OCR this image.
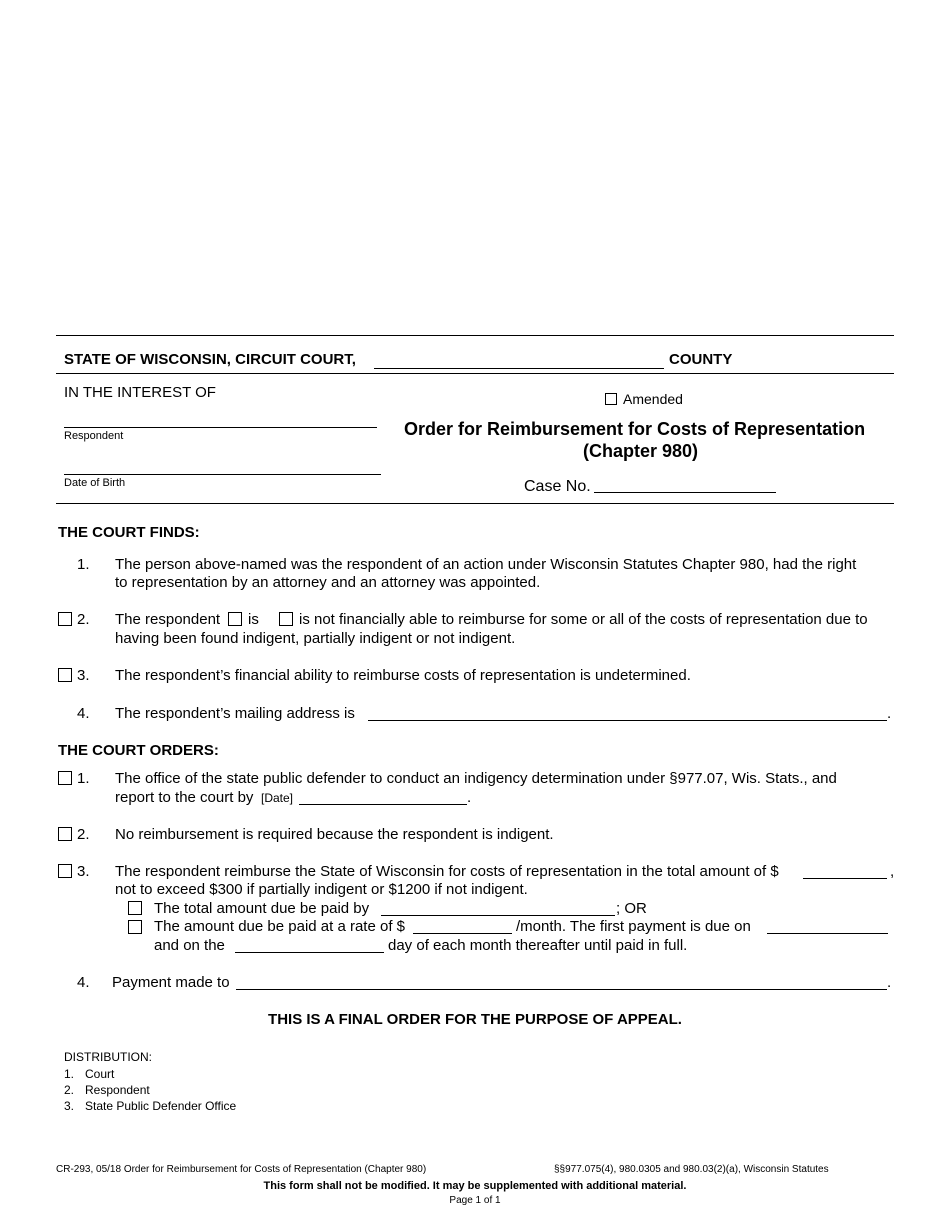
STATE OF WISCONSIN, CIRCUIT COURT,	COUNTY
IN THE INTEREST OF
Respondent
Date of Birth
Amended
Order for Reimbursement for Costs of Representation
(Chapter 980)
Case No.
THE COURT FINDS:
1. The person above-named was the respondent of an action under Wisconsin Statutes Chapter 980, had the right
to representation by an attorney and an attorney was appointed.
2. The respondent is	is not financially able to reimburse for some or all of the costs of representation due to
having been found indigent, partially indigent or not indigent.
3. The respondent’s financial ability to reimburse costs of representation is undetermined.
4. The respondent’s mailing address is	.
THE COURT ORDERS:
1. The office of the state public defender to conduct an indigency determination under §977.07, Wis. Stats., and
report to the court by [Date]	.
2. No reimbursement is required because the respondent is indigent.
3. The respondent reimburse the State of Wisconsin for costs of representation in the total amount of $	,
not to exceed $300 if partially indigent or $1200 if not indigent.
The total amount due be paid by	; OR
The amount due be paid at a rate of $	/month. The first payment is due on
and on the	day of each month thereafter until paid in full.
4. Payment made to	.
THIS IS A FINAL ORDER FOR THE PURPOSE OF APPEAL.
DISTRIBUTION:
1. Court
2. Respondent
3. State Public Defender Office
CR-293, 05/18 Order for Reimbursement for Costs of Representation (Chapter 980)	§§977.075(4), 980.0305 and 980.03(2)(a), Wisconsin Statutes
This form shall not be modified. It may be supplemented with additional material.
Page 1 of 1
